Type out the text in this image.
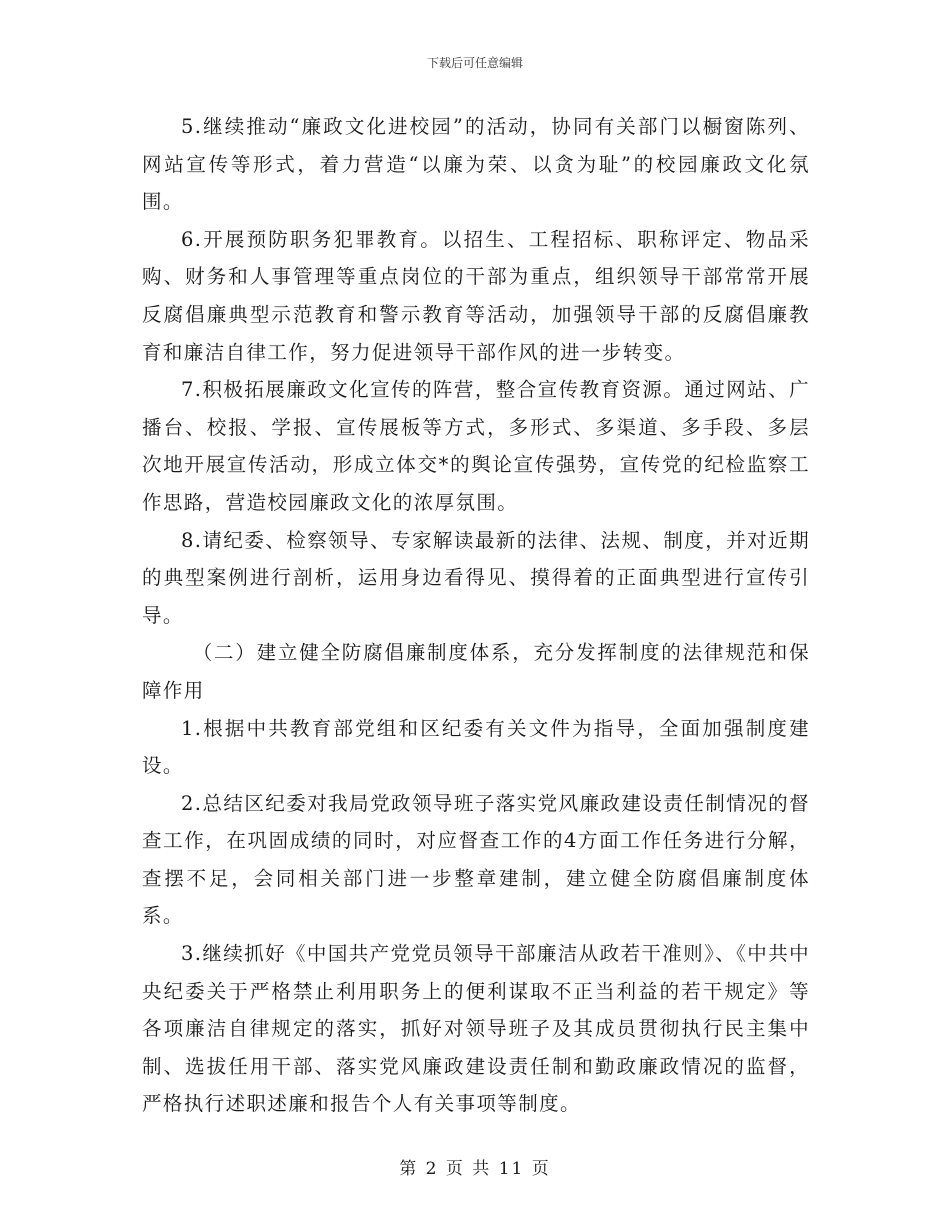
下载后可任意编辑

5.继续推动“廉政文化进校园”的活动，协同有关部门以橱窗陈列、网站宣传等形式，着力营造“以廉为荣、以贪为耻”的校园廉政文化氛围。

6.开展预防职务犯罪教育。以招生、工程招标、职称评定、物品采购、财务和人事管理等重点岗位的干部为重点，组织领导干部常常开展反腐倡廉典型示范教育和警示教育等活动，加强领导干部的反腐倡廉教育和廉洁自律工作，努力促进领导干部作风的进一步转变。

7.积极拓展廉政文化宣传的阵营，整合宣传教育资源。通过网站、广播台、校报、学报、宣传展板等方式，多形式、多渠道、多手段、多层次地开展宣传活动，形成立体交*的舆论宣传强势，宣传党的纪检监察工作思路，营造校园廉政文化的浓厚氛围。

8.请纪委、检察领导、专家解读最新的法律、法规、制度，并对近期的典型案例进行剖析，运用身边看得见、摸得着的正面典型进行宣传引导。

（二）建立健全防腐倡廉制度体系，充分发挥制度的法律规范和保障作用

1.根据中共教育部党组和区纪委有关文件为指导，全面加强制度建设。

2.总结区纪委对我局党政领导班子落实党风廉政建设责任制情况的督查工作，在巩固成绩的同时，对应督查工作的4方面工作任务进行分解，查摆不足，会同相关部门进一步整章建制，建立健全防腐倡廉制度体系。

3.继续抓好《中国共产党党员领导干部廉洁从政若干准则》、《中共中央纪委关于严格禁止利用职务上的便利谋取不正当利益的若干规定》等各项廉洁自律规定的落实，抓好对领导班子及其成员贯彻执行民主集中制、选拔任用干部、落实党风廉政建设责任制和勤政廉政情况的监督，严格执行述职述廉和报告个人有关事项等制度。

第 2 页 共 11 页
